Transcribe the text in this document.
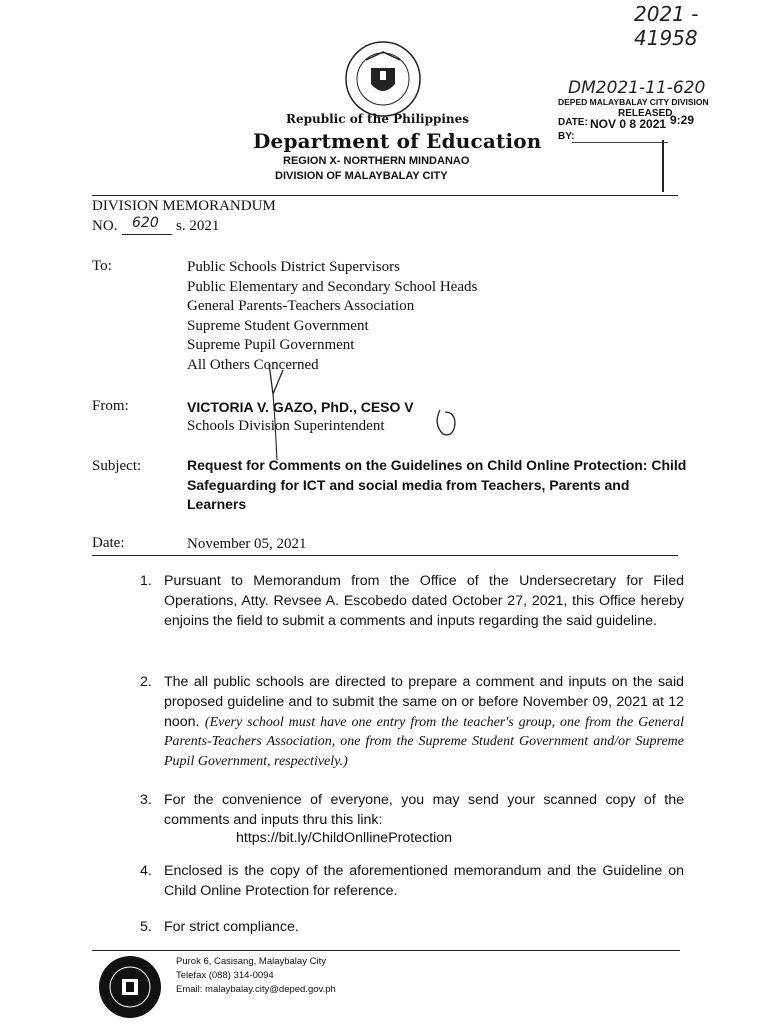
2021 - 41958
Republic of the Philippines
Department of Education
REGION X- NORTHERN MINDANAO
DIVISION OF MALAYBALAY CITY
DM2021-11-620
DEPED MALAYBALAY CITY DIVISION
RELEASED
DATE: NOV 0 8 2021 9:29
BY:
DIVISION MEMORANDUM
NO. 620 s. 2021
To:	Public Schools District Supervisors
Public Elementary and Secondary School Heads
General Parents-Teachers Association
Supreme Student Government
Supreme Pupil Government
All Others Concerned
From:	VICTORIA V. GAZO, PhD., CESO V
Schools Division Superintendent
Subject:	Request for Comments on the Guidelines on Child Online Protection: Child Safeguarding for ICT and social media from Teachers, Parents and Learners
Date:	November 05, 2021
1. Pursuant to Memorandum from the Office of the Undersecretary for Filed Operations, Atty. Revsee A. Escobedo dated October 27, 2021, this Office hereby enjoins the field to submit a comments and inputs regarding the said guideline.
2. The all public schools are directed to prepare a comment and inputs on the said proposed guideline and to submit the same on or before November 09, 2021 at 12 noon. (Every school must have one entry from the teacher's group, one from the General Parents-Teachers Association, one from the Supreme Student Government and/or Supreme Pupil Government, respectively.)
3. For the convenience of everyone, you may send your scanned copy of the comments and inputs thru this link:
https://bit.ly/ChildOnllineProtection
4. Enclosed is the copy of the aforementioned memorandum and the Guideline on Child Online Protection for reference.
5. For strict compliance.
Purok 6, Casisang, Malaybalay City
Telefax (088) 314-0094
Email: malaybalay.city@deped.gov.ph
